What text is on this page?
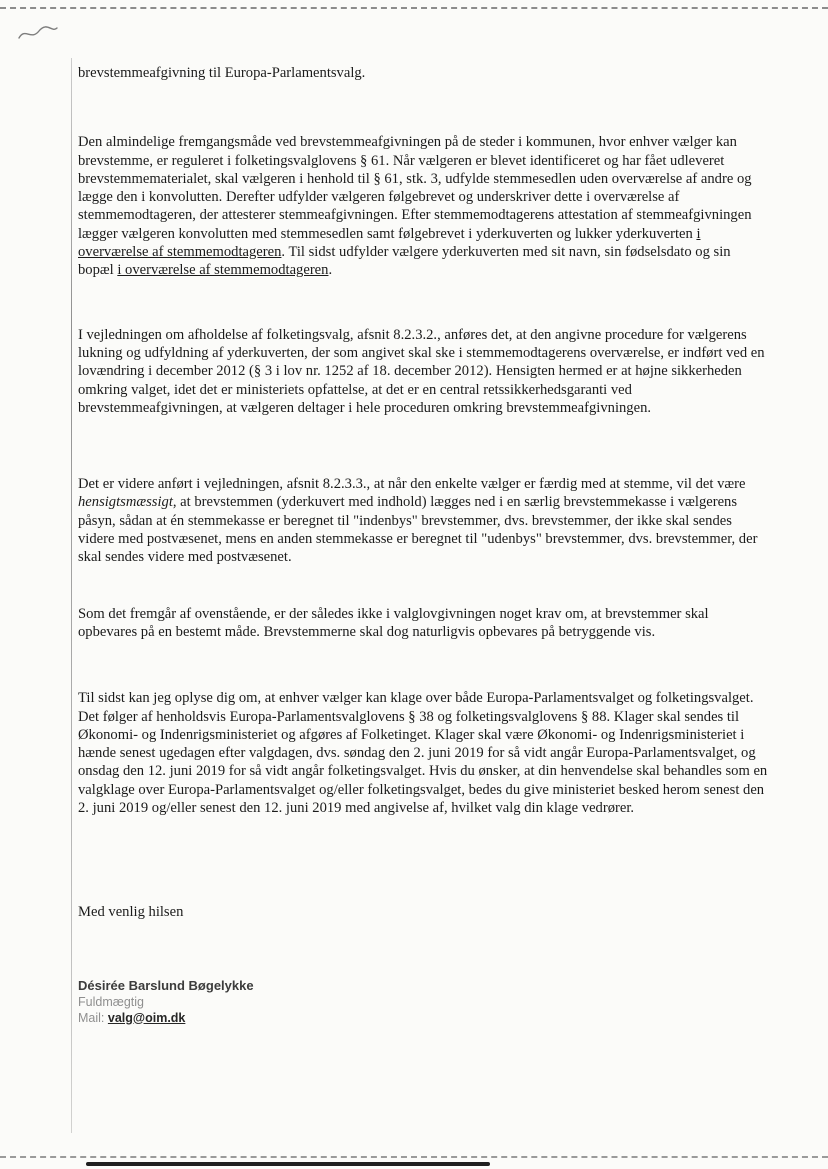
brevstemmeafgivning til Europa-Parlamentsvalg.

Den almindelige fremgangsmåde ved brevstemmeafgivningen på de steder i kommunen, hvor enhver vælger kan brevstemme, er reguleret i folketingsvalglovens § 61. Når vælgeren er blevet identificeret og har fået udleveret brevstemmematerialet, skal vælgeren i henhold til § 61, stk. 3, udfylde stemmesedlen uden overværelse af andre og lægge den i konvolutten. Derefter udfylder vælgeren følgebrevet og underskriver dette i overværelse af stemmemodtageren, der attesterer stemmeafgivningen. Efter stemmemodtagerens attestation af stemmeafgivningen lægger vælgeren konvolutten med stemmesedlen samt følgebrevet i yderkuverten og lukker yderkuverten i overværelse af stemmemodtageren. Til sidst udfylder vælgere yderkuverten med sit navn, sin fødselsdato og sin bopæl i overværelse af stemmemodtageren.

I vejledningen om afholdelse af folketingsvalg, afsnit 8.2.3.2., anføres det, at den angivne procedure for vælgerens lukning og udfyldning af yderkuverten, der som angivet skal ske i stemmemodtagerens overværelse, er indført ved en lovændring i december 2012 (§ 3 i lov nr. 1252 af 18. december 2012). Hensigten hermed er at højne sikkerheden omkring valget, idet det er ministeriets opfattelse, at det er en central retssikkerhedsgaranti ved brevstemmeafgivningen, at vælgeren deltager i hele proceduren omkring brevstemmeafgivningen.

Det er videre anført i vejledningen, afsnit 8.2.3.3., at når den enkelte vælger er færdig med at stemme, vil det være hensigtsmæssigt, at brevstemmen (yderkuvert med indhold) lægges ned i en særlig brevstemmekasse i vælgerens påsyn, sådan at én stemmekasse er beregnet til "indenbys" brevstemmer, dvs. brevstemmer, der ikke skal sendes videre med postvæsenet, mens en anden stemmekasse er beregnet til "udenbys" brevstemmer, dvs. brevstemmer, der skal sendes videre med postvæsenet.

Som det fremgår af ovenstående, er der således ikke i valglovgivningen noget krav om, at brevstemmer skal opbevares på en bestemt måde. Brevstemmerne skal dog naturligvis opbevares på betryggende vis.

Til sidst kan jeg oplyse dig om, at enhver vælger kan klage over både Europa-Parlamentsvalget og folketingsvalget. Det følger af henholdsvis Europa-Parlamentsvalglovens § 38 og folketingsvalglovens § 88. Klager skal sendes til Økonomi- og Indenrigsministeriet og afgøres af Folketinget. Klager skal være Økonomi- og Indenrigsministeriet i hænde senest ugedagen efter valgdagen, dvs. søndag den 2. juni 2019 for så vidt angår Europa-Parlamentsvalget, og onsdag den 12. juni 2019 for så vidt angår folketingsvalget. Hvis du ønsker, at din henvendelse skal behandles som en valgklage over Europa-Parlamentsvalget og/eller folketingsvalget, bedes du give ministeriet besked herom senest den 2. juni 2019 og/eller senest den 12. juni 2019 med angivelse af, hvilket valg din klage vedrører.

Med venlig hilsen

Désirée Barslund Bøgelykke
Fuldmægtig
Mail: valg@oim.dk
